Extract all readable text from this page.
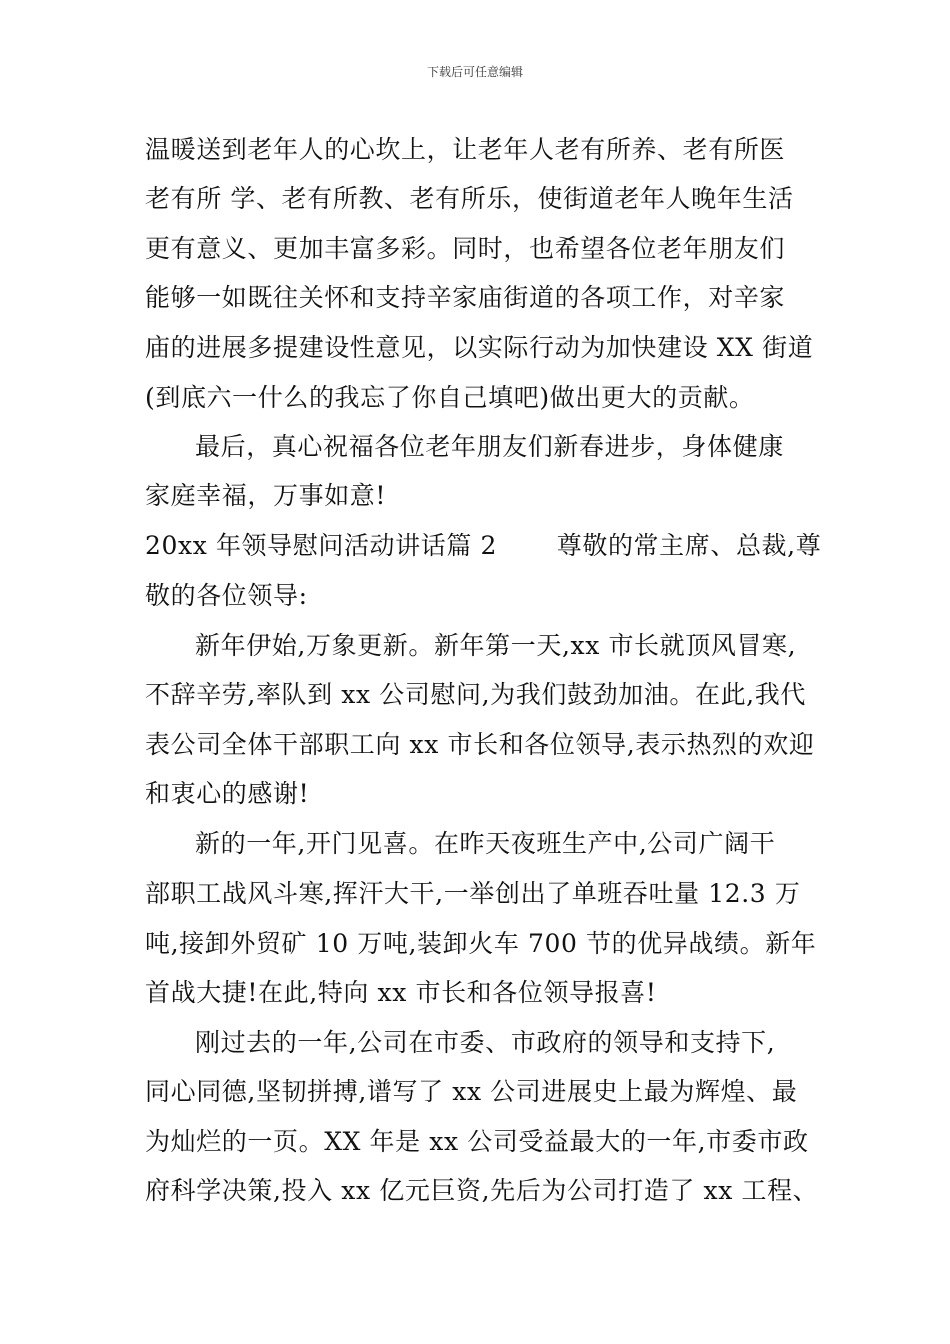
下载后可任意编辑
温暖送到老年人的心坎上，让老年人老有所养、老有所医
老有所 学、老有所教、老有所乐，使街道老年人晚年生活
更有意义、更加丰富多彩。同时，也希望各位老年朋友们
能够一如既往关怀和支持辛家庙街道的各项工作，对辛家
庙的进展多提建设性意见，以实际行动为加快建设 XX 街道
(到底六一什么的我忘了你自己填吧)做出更大的贡献。
最后，真心祝福各位老年朋友们新春进步，身体健康
家庭幸福，万事如意!
20xx 年领导慰问活动讲话篇 2　　 尊敬的常主席、总裁,尊
敬的各位领导:
新年伊始,万象更新。新年第一天,xx 市长就顶风冒寒,
不辞辛劳,率队到 xx 公司慰问,为我们鼓劲加油。在此,我代
表公司全体干部职工向 xx 市长和各位领导,表示热烈的欢迎
和衷心的感谢!
新的一年,开门见喜。在昨天夜班生产中,公司广阔干
部职工战风斗寒,挥汗大干,一举创出了单班吞吐量 12.3 万
吨,接卸外贸矿 10 万吨,装卸火车 700 节的优异战绩。新年
首战大捷!在此,特向 xx 市长和各位领导报喜!
刚过去的一年,公司在市委、市政府的领导和支持下,
同心同德,坚韧拼搏,谱写了 xx 公司进展史上最为辉煌、最
为灿烂的一页。XX 年是 xx 公司受益最大的一年,市委市政
府科学决策,投入 xx 亿元巨资,先后为公司打造了 xx 工程、
